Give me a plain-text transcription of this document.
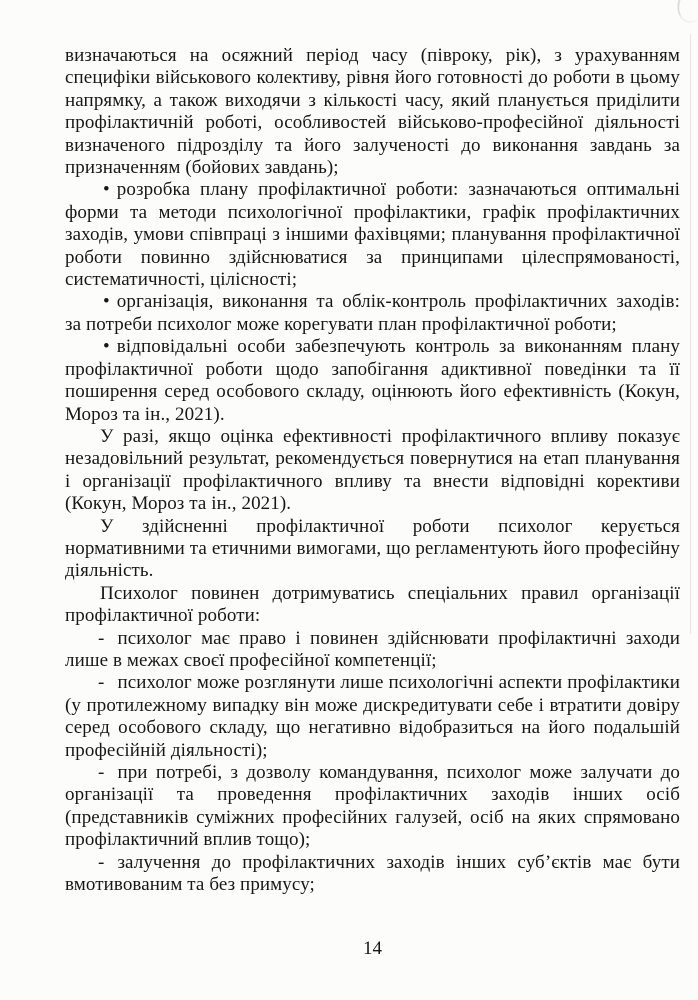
визначаються на осяжний період часу (півроку, рік), з урахуванням специфіки військового колективу, рівня його готовності до роботи в цьому напрямку, а також виходячи з кількості часу, який планується приділити профілактичній роботі, особливостей військово-професійної діяльності визначеного підрозділу та його залученості до виконання завдань за призначенням (бойових завдань);

• розробка плану профілактичної роботи: зазначаються оптимальні форми та методи психологічної профілактики, графік профілактичних заходів, умови співпраці з іншими фахівцями; планування профілактичної роботи повинно здійснюватися за принципами цілеспрямованості, систематичності, цілісності;

• організація, виконання та облік-контроль профілактичних заходів: за потреби психолог може корегувати план профілактичної роботи;

• відповідальні особи забезпечують контроль за виконанням плану профілактичної роботи щодо запобігання адиктивної поведінки та її поширення серед особового складу, оцінюють його ефективність (Кокун, Мороз та ін., 2021).

У разі, якщо оцінка ефективності профілактичного впливу показує незадовільний результат, рекомендується повернутися на етап планування і організації профілактичного впливу та внести відповідні корективи (Кокун, Мороз та ін., 2021).

У здійсненні профілактичної роботи психолог керується нормативними та етичними вимогами, що регламентують його професійну діяльність.

Психолог повинен дотримуватись спеціальних правил організації профілактичної роботи:

- психолог має право і повинен здійснювати профілактичні заходи лише в межах своєї професійної компетенції;

- психолог може розглянути лише психологічні аспекти профілактики (у протилежному випадку він може дискредитувати себе і втратити довіру серед особового складу, що негативно відобразиться на його подальшій професійній діяльності);

- при потребі, з дозволу командування, психолог може залучати до організації та проведення профілактичних заходів інших осіб (представників суміжних професійних галузей, осіб на яких спрямовано профілактичний вплив тощо);

- залучення до профілактичних заходів інших суб’єктів має бути вмотивованим та без примусу;

14
